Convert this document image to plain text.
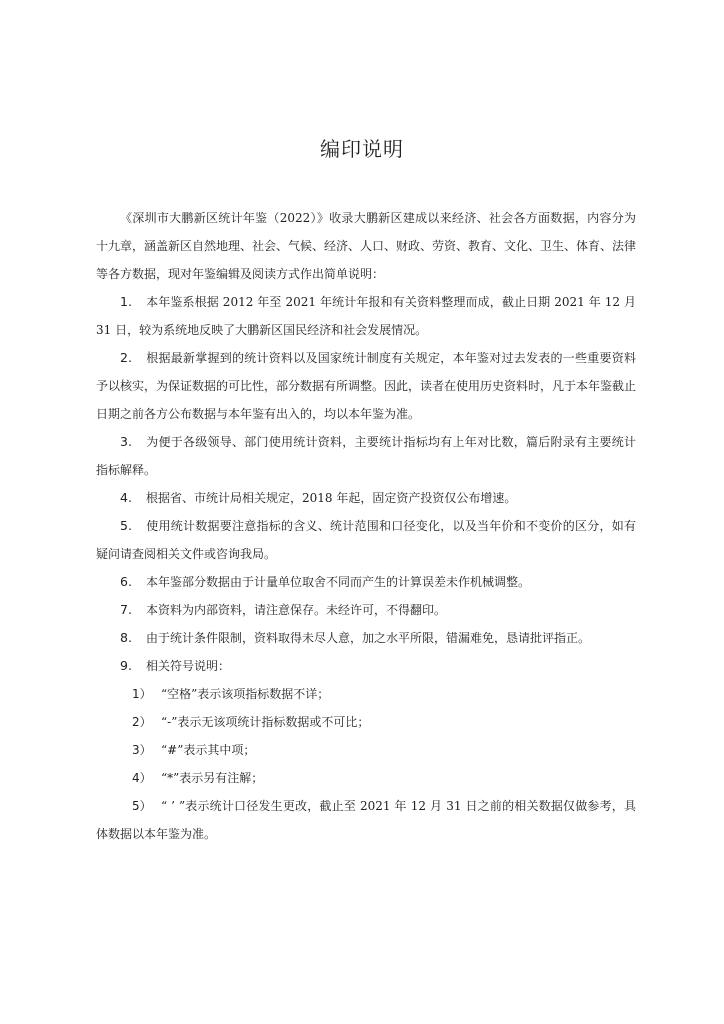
编印说明

《深圳市大鹏新区统计年鉴（2022）》收录大鹏新区建成以来经济、社会各方面数据，内容分为十九章，涵盖新区自然地理、社会、气候、经济、人口、财政、劳资、教育、文化、卫生、体育、法律等各方数据，现对年鉴编辑及阅读方式作出简单说明：

1. 本年鉴系根据 2012 年至 2021 年统计年报和有关资料整理而成，截止日期 2021 年 12 月 31 日，较为系统地反映了大鹏新区国民经济和社会发展情况。

2. 根据最新掌握到的统计资料以及国家统计制度有关规定，本年鉴对过去发表的一些重要资料予以核实，为保证数据的可比性，部分数据有所调整。因此，读者在使用历史资料时，凡于本年鉴截止日期之前各方公布数据与本年鉴有出入的，均以本年鉴为准。

3. 为便于各级领导、部门使用统计资料，主要统计指标均有上年对比数，篇后附录有主要统计指标解释。

4. 根据省、市统计局相关规定，2018 年起，固定资产投资仅公布增速。

5. 使用统计数据要注意指标的含义、统计范围和口径变化，以及当年价和不变价的区分，如有疑问请查阅相关文件或咨询我局。

6. 本年鉴部分数据由于计量单位取舍不同而产生的计算误差未作机械调整。

7. 本资料为内部资料，请注意保存。未经许可，不得翻印。

8. 由于统计条件限制，资料取得未尽人意，加之水平所限，错漏难免，恳请批评指正。

9. 相关符号说明：

1） “空格”表示该项指标数据不详；

2） “-”表示无该项统计指标数据或不可比；

3） “#”表示其中项；

4） “*”表示另有注解；

5） “ ’ ”表示统计口径发生更改，截止至 2021 年 12 月 31 日之前的相关数据仅做参考，具体数据以本年鉴为准。
